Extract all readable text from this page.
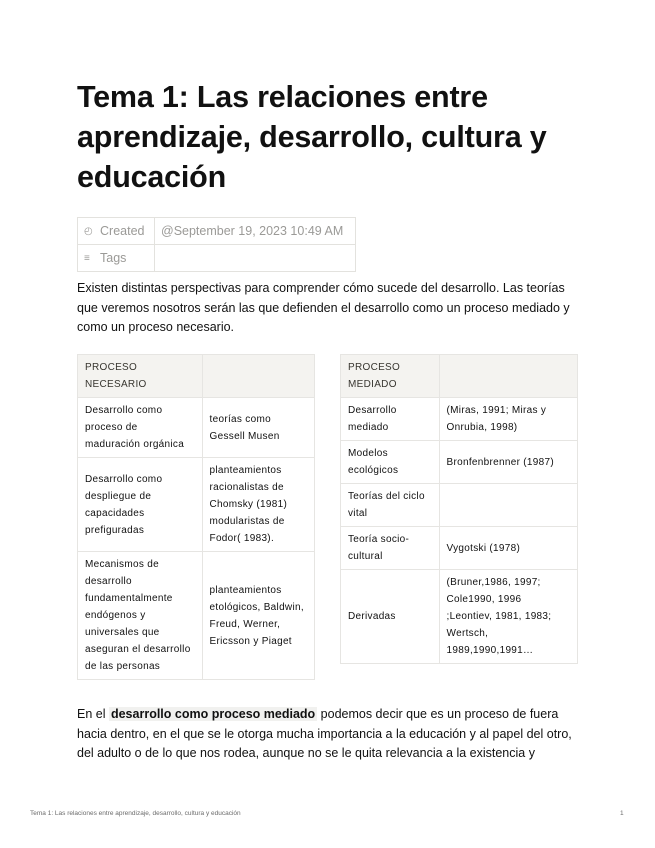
Tema 1: Las relaciones entre aprendizaje, desarrollo, cultura y educación
◴ Created	@September 19, 2023 10:49 AM
≡ Tags	

Existen distintas perspectivas para comprender cómo sucede del desarrollo. Las teorías que veremos nosotros serán las que defienden el desarrollo como un proceso mediado y como un proceso necesario.

PROCESO NECESARIO	
Desarrollo como proceso de maduración orgánica	teorías como Gessell Musen
Desarrollo como despliegue de capacidades prefiguradas	planteamientos racionalistas de Chomsky (1981) modularistas de Fodor( 1983).
Mecanismos de desarrollo fundamentalmente endógenos y universales que aseguran el desarrollo de las personas	planteamientos etológicos, Baldwin, Freud, Werner, Ericsson y Piaget
PROCESO MEDIADO	
Desarrollo mediado	(Miras, 1991; Miras y Onrubia, 1998)
Modelos ecológicos	Bronfenbrenner (1987)
Teorías del ciclo vital	
Teoría socio-cultural	Vygotski (1978)
Derivadas	(Bruner,1986, 1997; Cole1990, 1996 ;Leontiev, 1981, 1983; Wertsch, 1989,1990,1991…

En el desarrollo como proceso mediado podemos decir que es un proceso de fuera hacia dentro, en el que se le otorga mucha importancia a la educación y al papel del otro, del adulto o de lo que nos rodea, aunque no se le quita relevancia a la existencia y

Tema 1: Las relaciones entre aprendizaje, desarrollo, cultura y educación	1
